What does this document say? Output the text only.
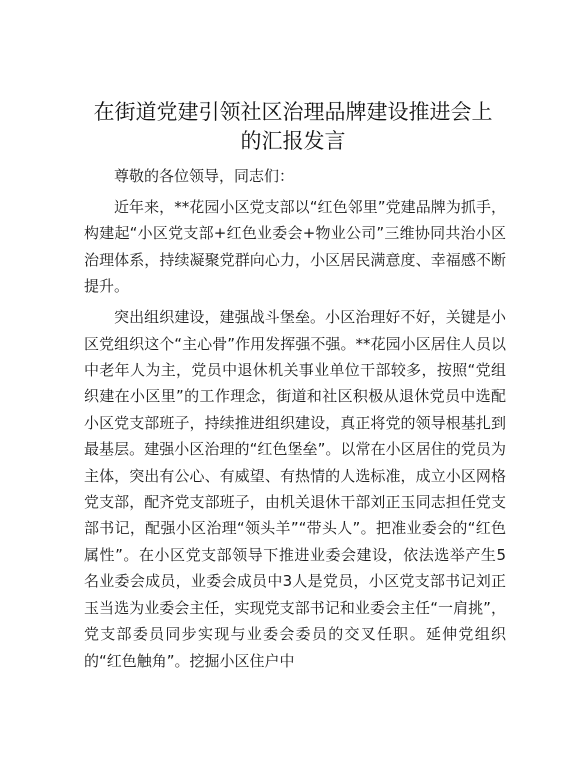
在街道党建引领社区治理品牌建设推进会上的汇报发言

尊敬的各位领导，同志们：

近年来，**花园小区党支部以“红色邻里”党建品牌为抓手，构建起“小区党支部+红色业委会+物业公司”三维协同共治小区治理体系，持续凝聚党群向心力，小区居民满意度、幸福感不断提升。

突出组织建设，建强战斗堡垒。小区治理好不好，关键是小区党组织这个“主心骨”作用发挥强不强。**花园小区居住人员以中老年人为主，党员中退休机关事业单位干部较多，按照“党组织建在小区里”的工作理念，街道和社区积极从退休党员中选配小区党支部班子，持续推进组织建设，真正将党的领导根基扎到最基层。建强小区治理的“红色堡垒”。以常在小区居住的党员为主体，突出有公心、有威望、有热情的人选标准，成立小区网格党支部，配齐党支部班子，由机关退休干部刘正玉同志担任党支部书记，配强小区治理“领头羊”“带头人”。把准业委会的“红色属性”。在小区党支部领导下推进业委会建设，依法选举产生5名业委会成员，业委会成员中3人是党员，小区党支部书记刘正玉当选为业委会主任，实现党支部书记和业委会主任“一肩挑”，党支部委员同步实现与业委会委员的交叉任职。延伸党组织的“红色触角”。挖掘小区住户中
